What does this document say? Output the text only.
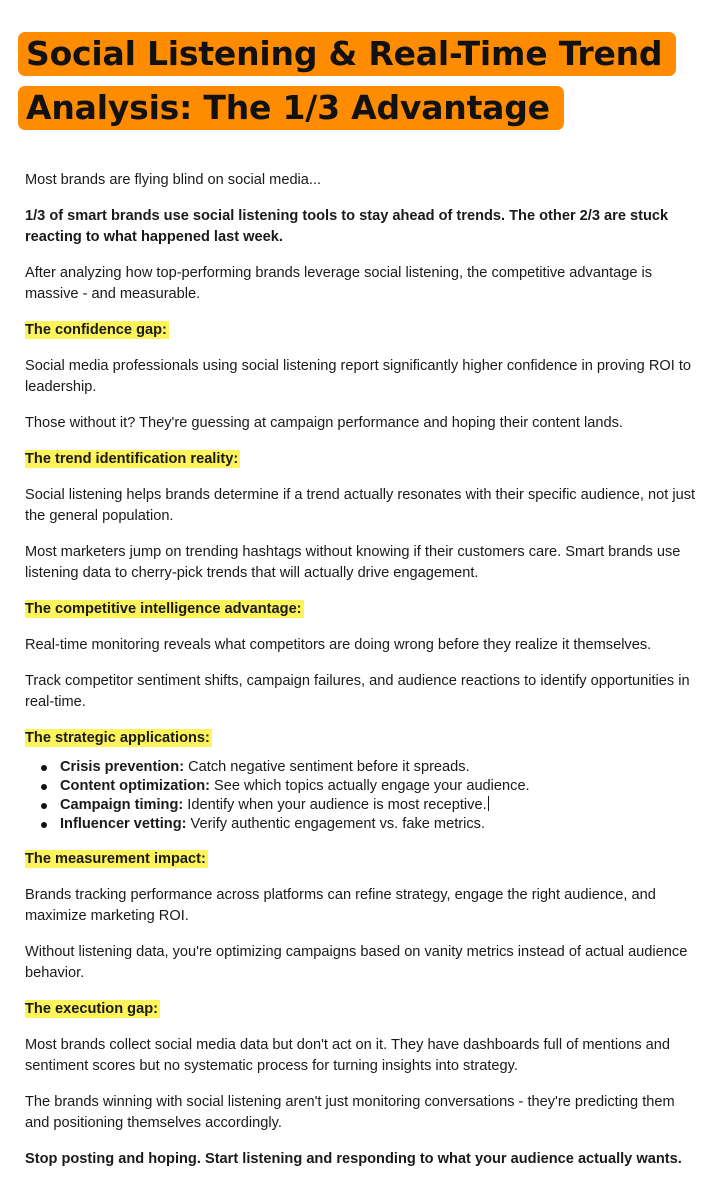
Social Listening & Real-Time Trend
Analysis: The 1/3 Advantage

Most brands are flying blind on social media...

1/3 of smart brands use social listening tools to stay ahead of trends. The other 2/3 are stuck reacting to what happened last week.

After analyzing how top-performing brands leverage social listening, the competitive advantage is massive - and measurable.

The confidence gap:

Social media professionals using social listening report significantly higher confidence in proving ROI to leadership.

Those without it? They're guessing at campaign performance and hoping their content lands.

The trend identification reality:

Social listening helps brands determine if a trend actually resonates with their specific audience, not just the general population.

Most marketers jump on trending hashtags without knowing if their customers care. Smart brands use listening data to cherry-pick trends that will actually drive engagement.

The competitive intelligence advantage:

Real-time monitoring reveals what competitors are doing wrong before they realize it themselves.

Track competitor sentiment shifts, campaign failures, and audience reactions to identify opportunities in real-time.

The strategic applications:
Crisis prevention: Catch negative sentiment before it spreads.
Content optimization: See which topics actually engage your audience.
Campaign timing: Identify when your audience is most receptive.
Influencer vetting: Verify authentic engagement vs. fake metrics.
The measurement impact:

Brands tracking performance across platforms can refine strategy, engage the right audience, and maximize marketing ROI.

Without listening data, you're optimizing campaigns based on vanity metrics instead of actual audience behavior.

The execution gap:

Most brands collect social media data but don't act on it. They have dashboards full of mentions and sentiment scores but no systematic process for turning insights into strategy.

The brands winning with social listening aren't just monitoring conversations - they're predicting them and positioning themselves accordingly.

Stop posting and hoping. Start listening and responding to what your audience actually wants.
